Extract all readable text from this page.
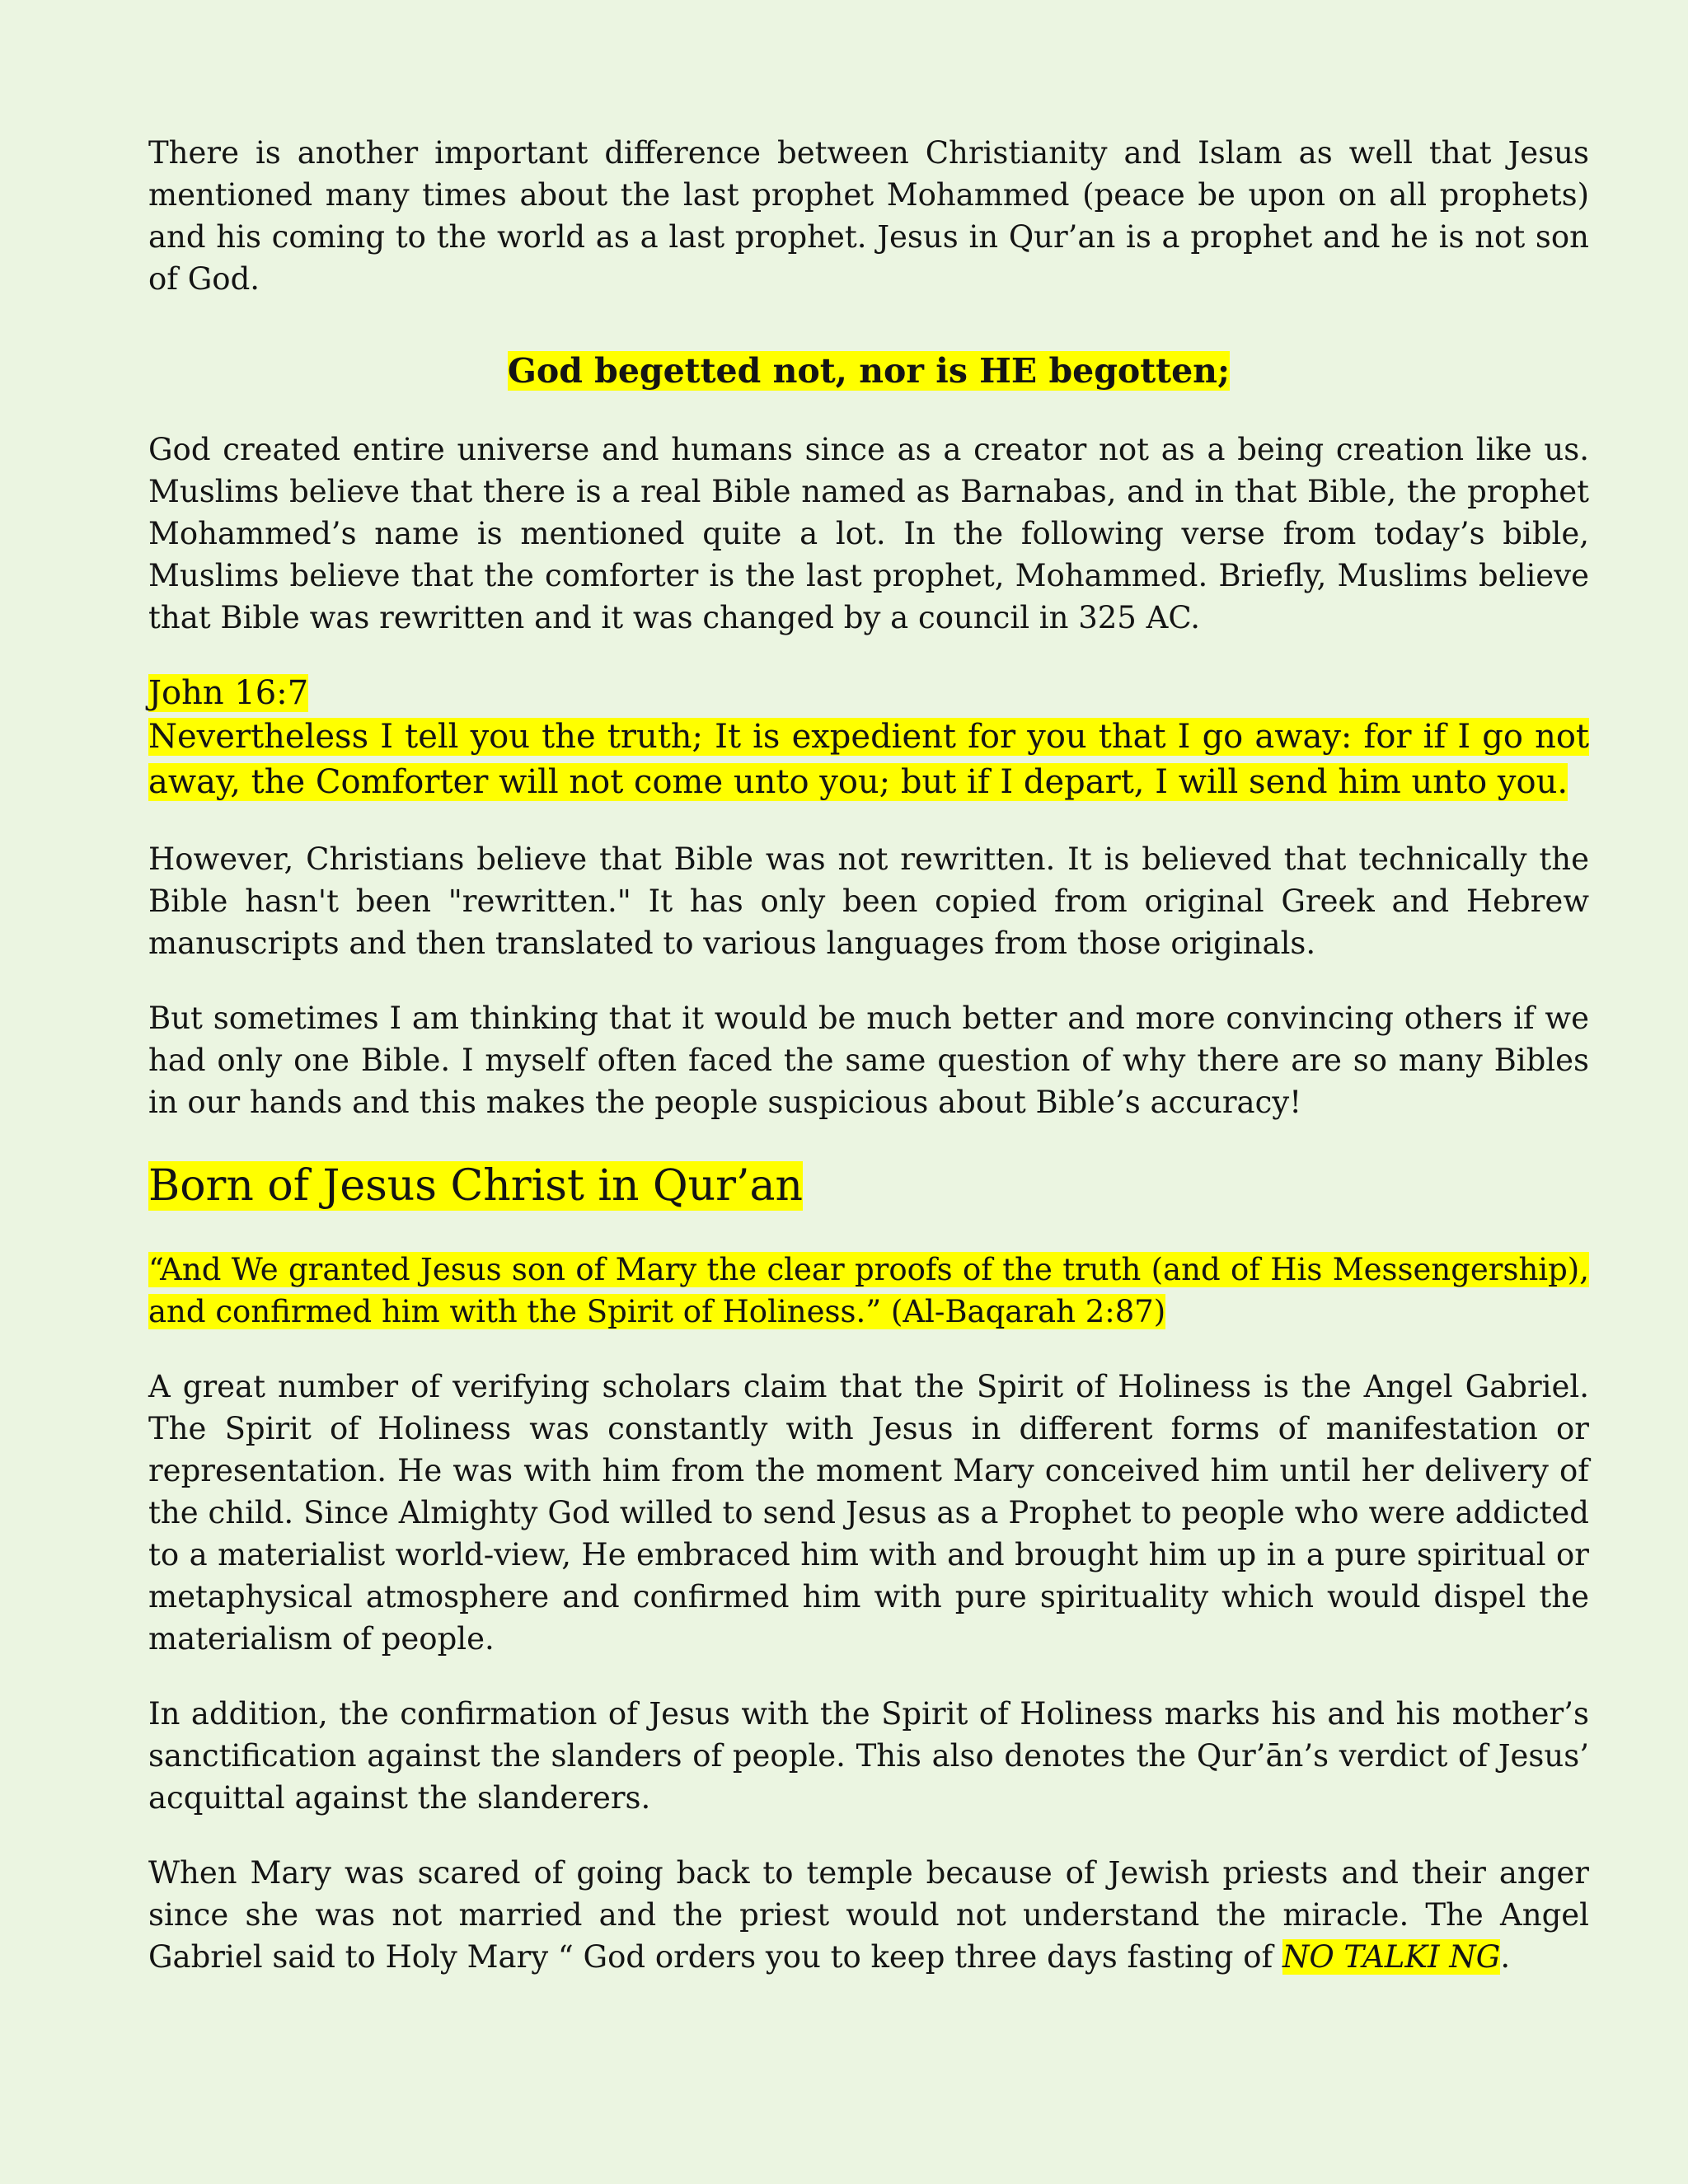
There is another important difference between Christianity and Islam as well that Jesus mentioned many times about the last prophet Mohammed (peace be upon on all prophets) and his coming to the world as a last prophet. Jesus in Qur’an is a prophet and he is not son of God.

God begetted not, nor is HE begotten;

God created entire universe and humans since as a creator not as a being creation like us. Muslims believe that there is a real Bible named as Barnabas, and in that Bible, the prophet Mohammed’s name is mentioned quite a lot. In the following verse from today’s bible, Muslims believe that the comforter is the last prophet, Mohammed. Briefly, Muslims believe that Bible was rewritten and it was changed by a council in 325 AC.

John 16:7

Nevertheless I tell you the truth; It is expedient for you that I go away: for if I go not away, the Comforter will not come unto you; but if I depart, I will send him unto you.

However, Christians believe that Bible was not rewritten. It is believed that technically the Bible hasn't been "rewritten." It has only been copied from original Greek and Hebrew manuscripts and then translated to various languages from those originals.

But sometimes I am thinking that it would be much better and more convincing others if we had only one Bible. I myself often faced the same question of why there are so many Bibles in our hands and this makes the people suspicious about Bible’s accuracy!

Born of Jesus Christ in Qur’an

“And We granted Jesus son of Mary the clear proofs of the truth (and of His Messengership), and confirmed him with the Spirit of Holiness.” (Al-Baqarah 2:87)

A great number of verifying scholars claim that the Spirit of Holiness is the Angel Gabriel. The Spirit of Holiness was constantly with Jesus in different forms of manifestation or representation. He was with him from the moment Mary conceived him until her delivery of the child. Since Almighty God willed to send Jesus as a Prophet to people who were addicted to a materialist world-view, He embraced him with and brought him up in a pure spiritual or metaphysical atmosphere and confirmed him with pure spirituality which would dispel the materialism of people.

In addition, the confirmation of Jesus with the Spirit of Holiness marks his and his mother’s sanctification against the slanders of people. This also denotes the Qur’ān’s verdict of Jesus’ acquittal against the slanderers.

When Mary was scared of going back to temple because of Jewish priests and their anger since she was not married and the priest would not understand the miracle. The Angel Gabriel said to Holy Mary “ God orders you to keep three days fasting of NO TALKI NG.
